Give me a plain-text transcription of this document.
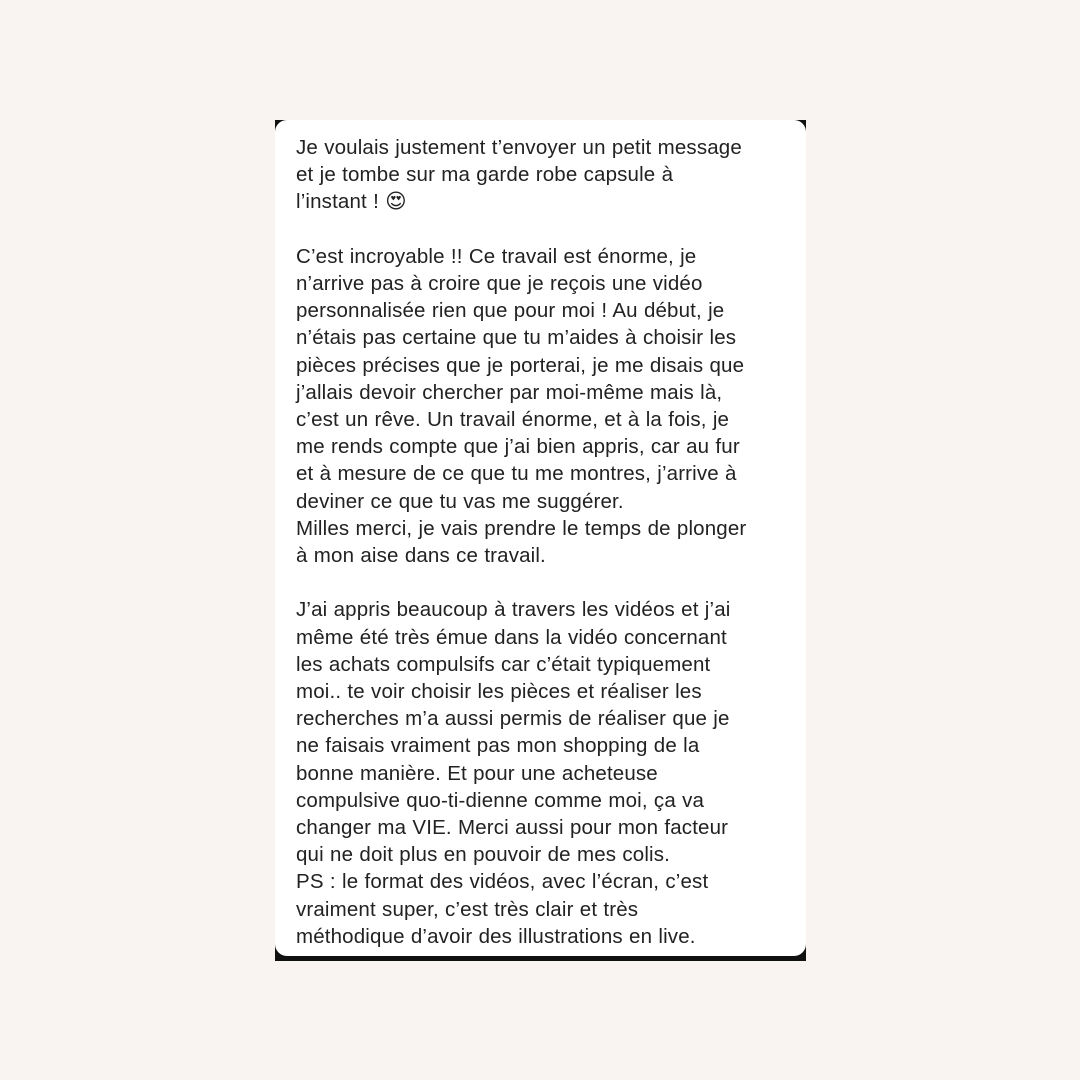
Je voulais justement t’envoyer un petit message
et je tombe sur ma garde robe capsule à
l’instant ! 😍

C’est incroyable !! Ce travail est énorme, je
n’arrive pas à croire que je reçois une vidéo
personnalisée rien que pour moi ! Au début, je
n’étais pas certaine que tu m’aides à choisir les
pièces précises que je porterai, je me disais que
j’allais devoir chercher par moi-même mais là,
c’est un rêve. Un travail énorme, et à la fois, je
me rends compte que j’ai bien appris, car au fur
et à mesure de ce que tu me montres, j’arrive à
deviner ce que tu vas me suggérer.
Milles merci, je vais prendre le temps de plonger
à mon aise dans ce travail.

J’ai appris beaucoup à travers les vidéos et j’ai
même été très émue dans la vidéo concernant
les achats compulsifs car c’était typiquement
moi.. te voir choisir les pièces et réaliser les
recherches m’a aussi permis de réaliser que je
ne faisais vraiment pas mon shopping de la
bonne manière. Et pour une acheteuse
compulsive quo-ti-dienne comme moi, ça va
changer ma VIE. Merci aussi pour mon facteur
qui ne doit plus en pouvoir de mes colis.
PS : le format des vidéos, avec l’écran, c’est
vraiment super, c’est très clair et très
méthodique d’avoir des illustrations en live.
